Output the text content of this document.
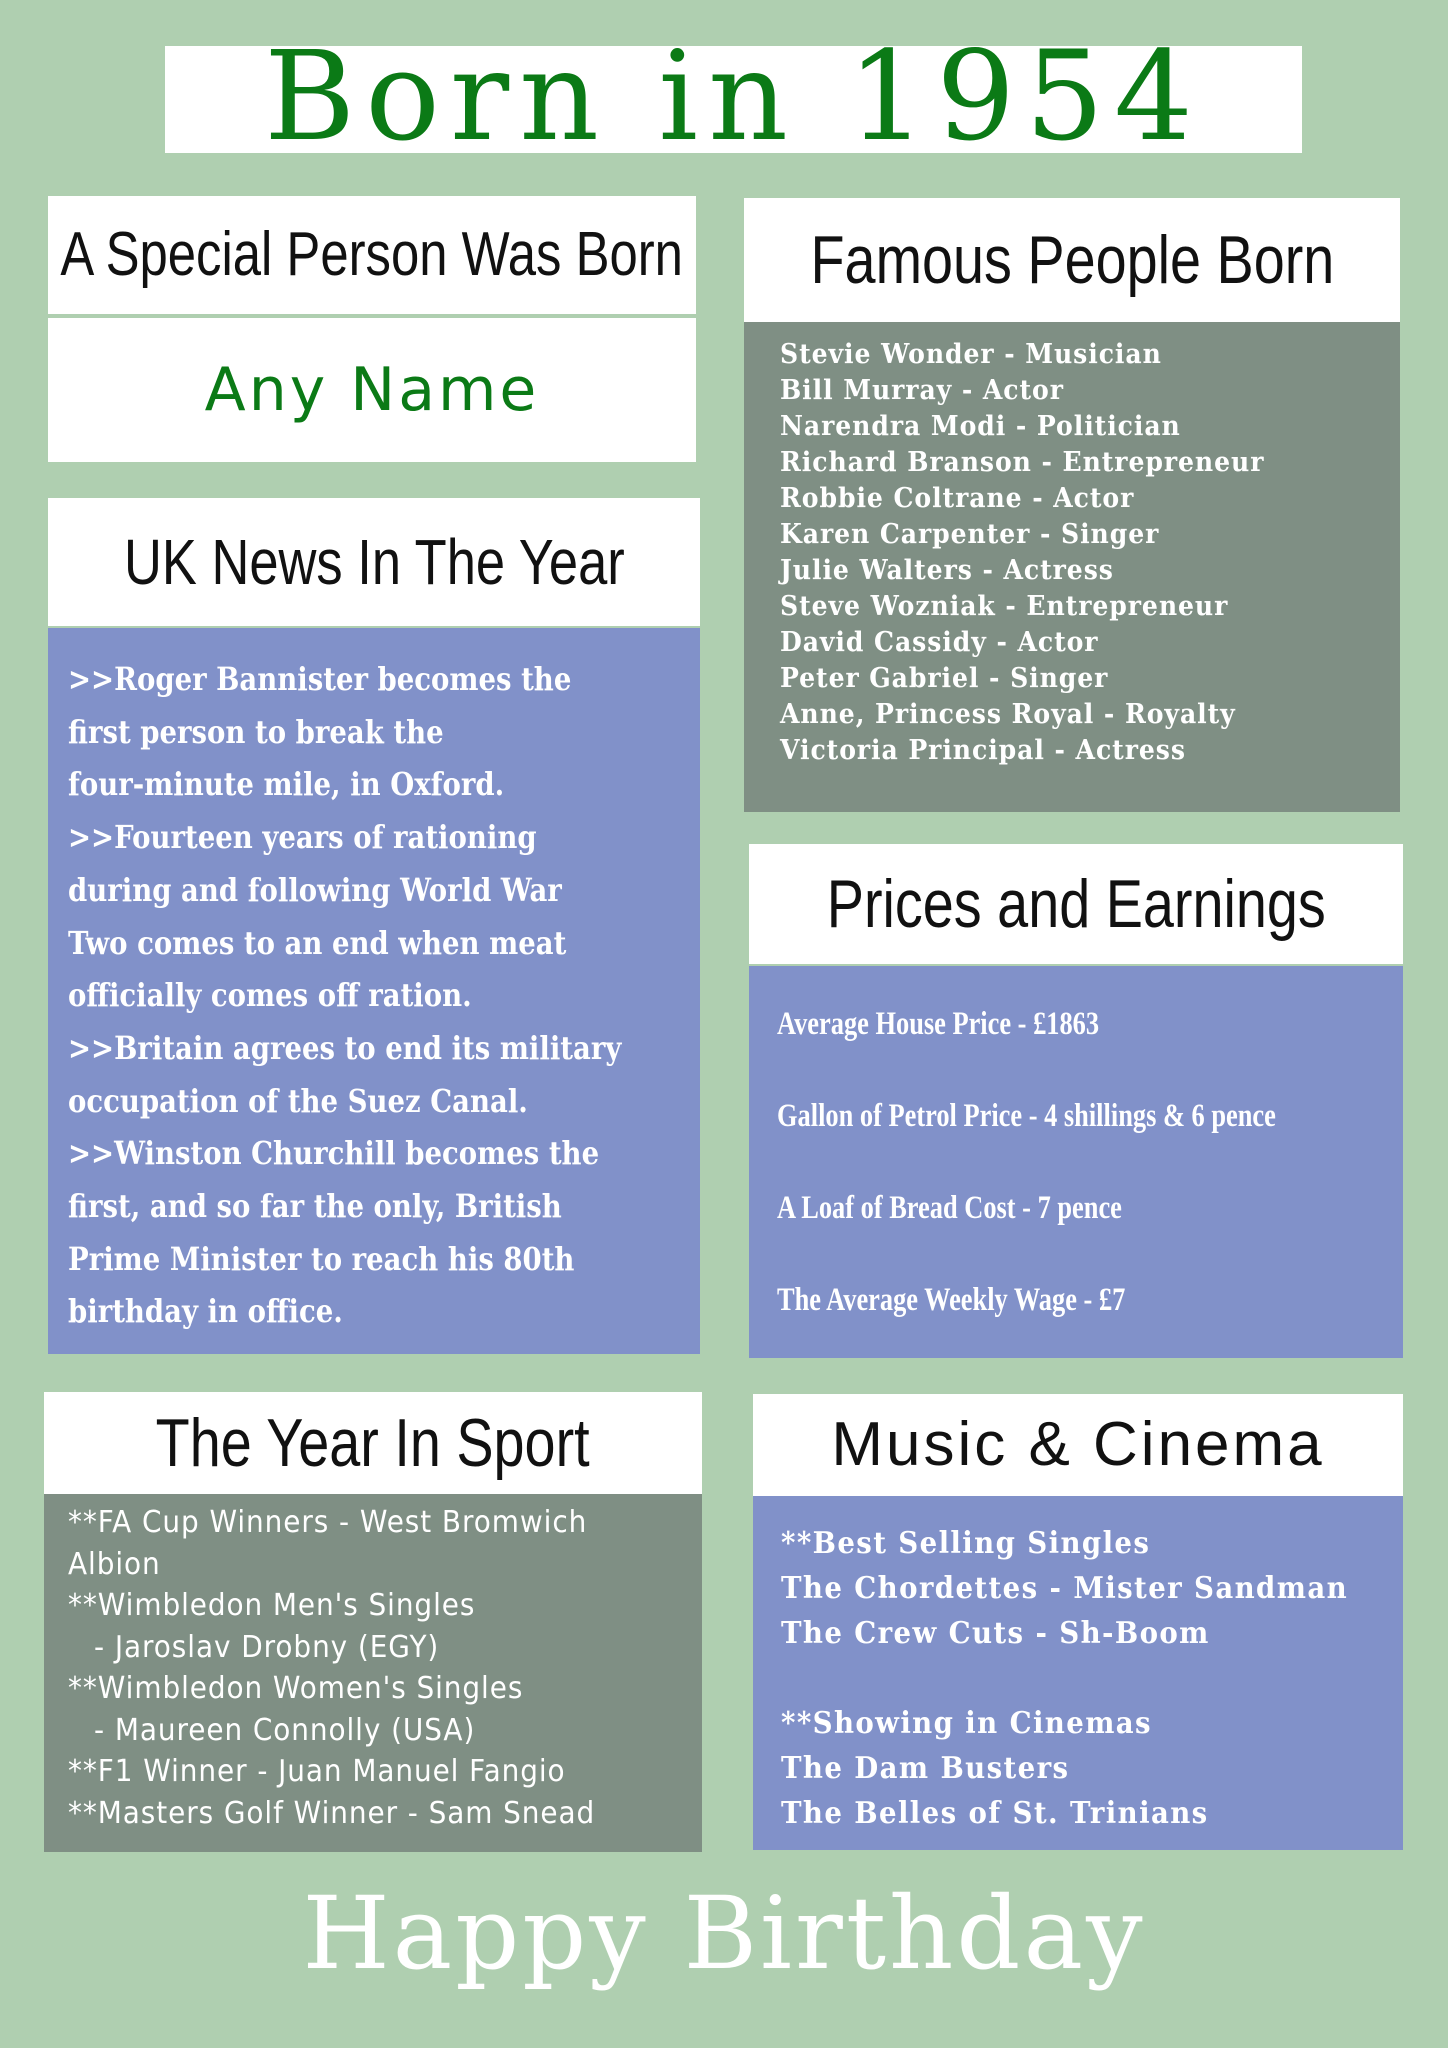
Born in 1954
A Special Person Was Born
Any Name
UK News In The Year
>>Roger Bannister becomes the
first person to break the
four-minute mile, in Oxford.
>>Fourteen years of rationing
during and following World War
Two comes to an end when meat
officially comes off ration.
>>Britain agrees to end its military
occupation of the Suez Canal.
>>Winston Churchill becomes the
first, and so far the only, British
Prime Minister to reach his 80th
birthday in office.
Famous People Born
Stevie Wonder - Musician
Bill Murray - Actor
Narendra Modi - Politician
Richard Branson - Entrepreneur
Robbie Coltrane - Actor
Karen Carpenter - Singer
Julie Walters - Actress
Steve Wozniak - Entrepreneur
David Cassidy - Actor
Peter Gabriel - Singer
Anne, Princess Royal - Royalty
Victoria Principal - Actress
Prices and Earnings
Average House Price - £1863
Gallon of Petrol Price - 4 shillings & 6 pence
A Loaf of Bread Cost - 7 pence
The Average Weekly Wage - £7
The Year In Sport
**FA Cup Winners - West Bromwich
Albion
**Wimbledon Men's Singles
- Jaroslav Drobny (EGY)
**Wimbledon Women's Singles
- Maureen Connolly (USA)
**F1 Winner - Juan Manuel Fangio
**Masters Golf Winner - Sam Snead
Music & Cinema
**Best Selling Singles
The Chordettes - Mister Sandman
The Crew Cuts - Sh-Boom
**Showing in Cinemas
The Dam Busters
The Belles of St. Trinians
Happy Birthday
